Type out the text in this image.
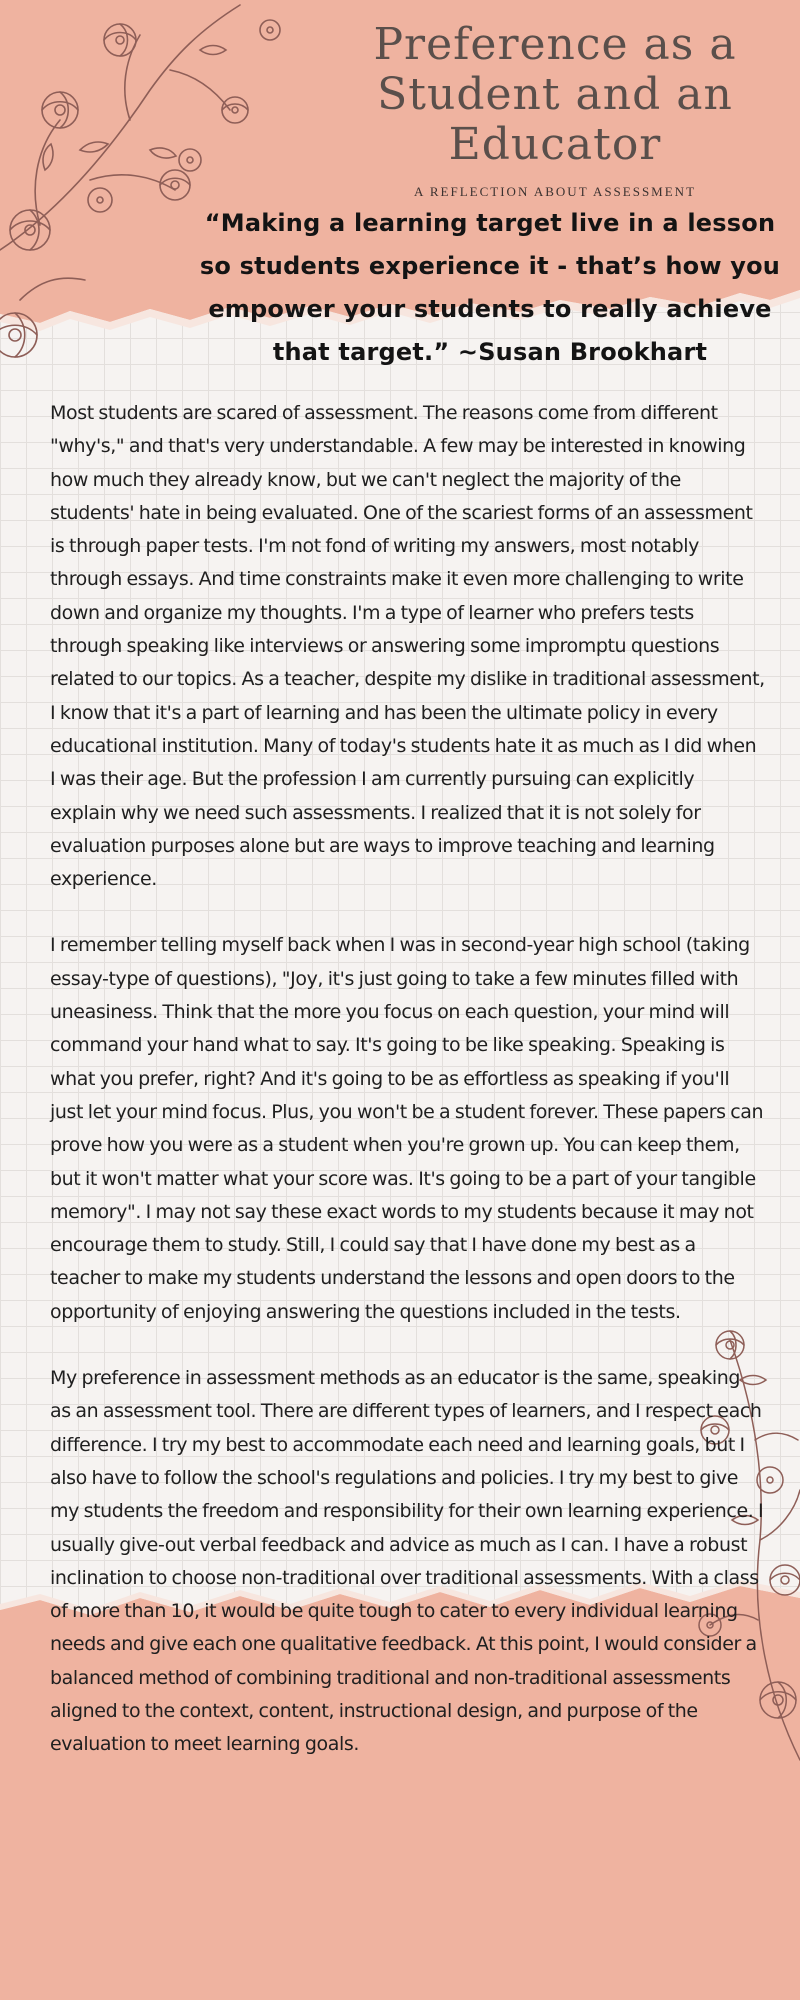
Preference as a Student and an Educator
A REFLECTION ABOUT ASSESSMENT
“Making a learning target live in a lesson so students experience it - that’s how you empower your students to really achieve that target.” ~Susan Brookhart

Most students are scared of assessment. The reasons come from different "why's," and that's very understandable. A few may be interested in knowing how much they already know, but we can't neglect the majority of the students' hate in being evaluated. One of the scariest forms of an assessment is through paper tests. I'm not fond of writing my answers, most notably through essays. And time constraints make it even more challenging to write down and organize my thoughts. I'm a type of learner who prefers tests through speaking like interviews or answering some impromptu questions related to our topics. As a teacher, despite my dislike in traditional assessment, I know that it's a part of learning and has been the ultimate policy in every educational institution. Many of today's students hate it as much as I did when I was their age. But the profession I am currently pursuing can explicitly explain why we need such assessments. I realized that it is not solely for evaluation purposes alone but are ways to improve teaching and learning experience.

I remember telling myself back when I was in second-year high school (taking essay-type of questions), "Joy, it's just going to take a few minutes filled with uneasiness. Think that the more you focus on each question, your mind will command your hand what to say. It's going to be like speaking. Speaking is what you prefer, right? And it's going to be as effortless as speaking if you'll just let your mind focus. Plus, you won't be a student forever. These papers can prove how you were as a student when you're grown up. You can keep them, but it won't matter what your score was. It's going to be a part of your tangible memory". I may not say these exact words to my students because it may not encourage them to study. Still, I could say that I have done my best as a teacher to make my students understand the lessons and open doors to the opportunity of enjoying answering the questions included in the tests.

My preference in assessment methods as an educator is the same, speaking as an assessment tool. There are different types of learners, and I respect each difference. I try my best to accommodate each need and learning goals, but I also have to follow the school's regulations and policies. I try my best to give my students the freedom and responsibility for their own learning experience. I usually give-out verbal feedback and advice as much as I can. I have a robust inclination to choose non-traditional over traditional assessments. With a class of more than 10, it would be quite tough to cater to every individual learning needs and give each one qualitative feedback. At this point, I would consider a balanced method of combining traditional and non-traditional assessments aligned to the context, content, instructional design, and purpose of the evaluation to meet learning goals.
